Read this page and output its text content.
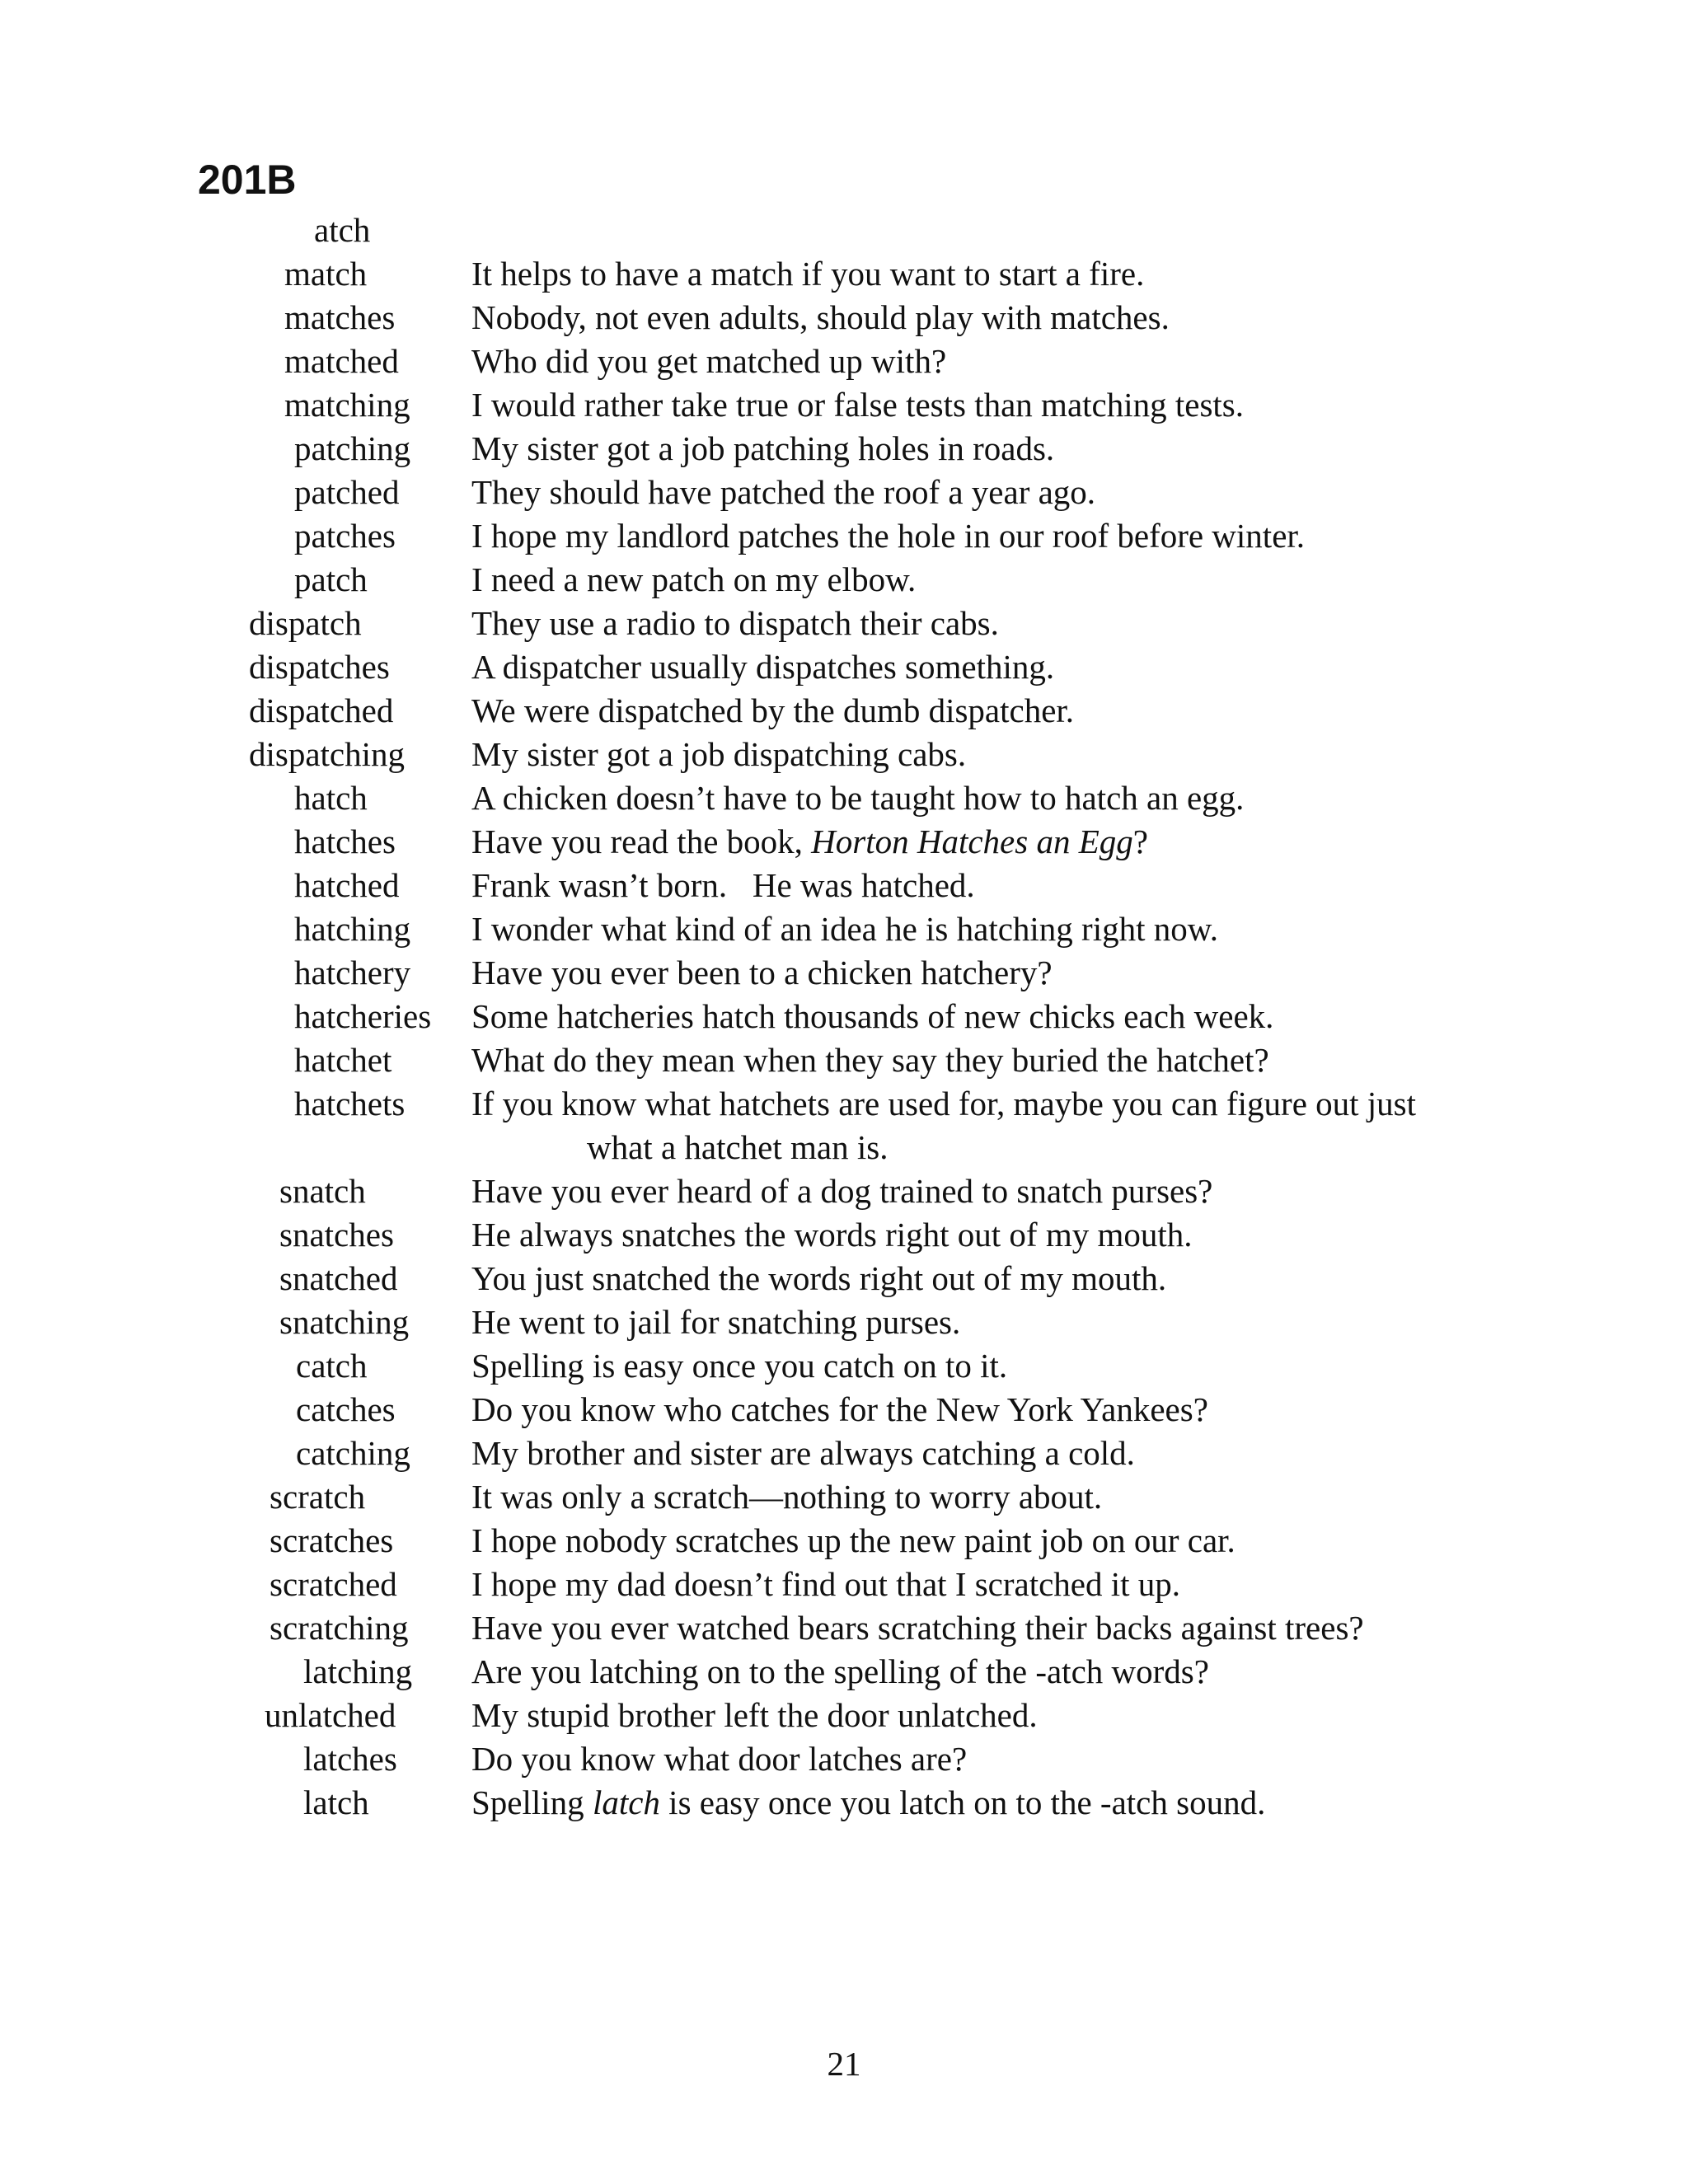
201B
atch
match	It helps to have a match if you want to start a fire.
matches Nobody, not even adults, should play with matches.
matched Who did you get matched up with?
matching I would rather take true or false tests than matching tests.
patching My sister got a job patching holes in roads.
patched They should have patched the roof a year ago.
patches I hope my landlord patches the hole in our roof before winter.
patch	I need a new patch on my elbow.
dispatch	They use a radio to dispatch their cabs.
dispatches A dispatcher usually dispatches something.
dispatched We were dispatched by the dumb dispatcher.
dispatching My sister got a job dispatching cabs.
hatch	A chicken doesn’t have to be taught how to hatch an egg.
hatches Have you read the book, Horton Hatches an Egg?
hatched Frank wasn’t born.   He was hatched.
hatching I wonder what kind of an idea he is hatching right now.
hatchery Have you ever been to a chicken hatchery?
hatcheries Some hatcheries hatch thousands of new chicks each week.
hatchet What do they mean when they say they buried the hatchet?
hatchets If you know what hatchets are used for, maybe you can figure out just
what a hatchet man is.
snatch	Have you ever heard of a dog trained to snatch purses?
snatches He always snatches the words right out of my mouth.
snatched You just snatched the words right out of my mouth.
snatching He went to jail for snatching purses.
catch	Spelling is easy once you catch on to it.
catches Do you know who catches for the New York Yankees?
catching My brother and sister are always catching a cold.
scratch	It was only a scratch—nothing to worry about.
scratches I hope nobody scratches up the new paint job on our car.
scratched I hope my dad doesn’t find out that I scratched it up.
scratching Have you ever watched bears scratching their backs against trees?
latching Are you latching on to the spelling of the -atch words?
unlatched My stupid brother left the door unlatched.
latches Do you know what door latches are?
latch	Spelling latch is easy once you latch on to the -atch sound.
21
